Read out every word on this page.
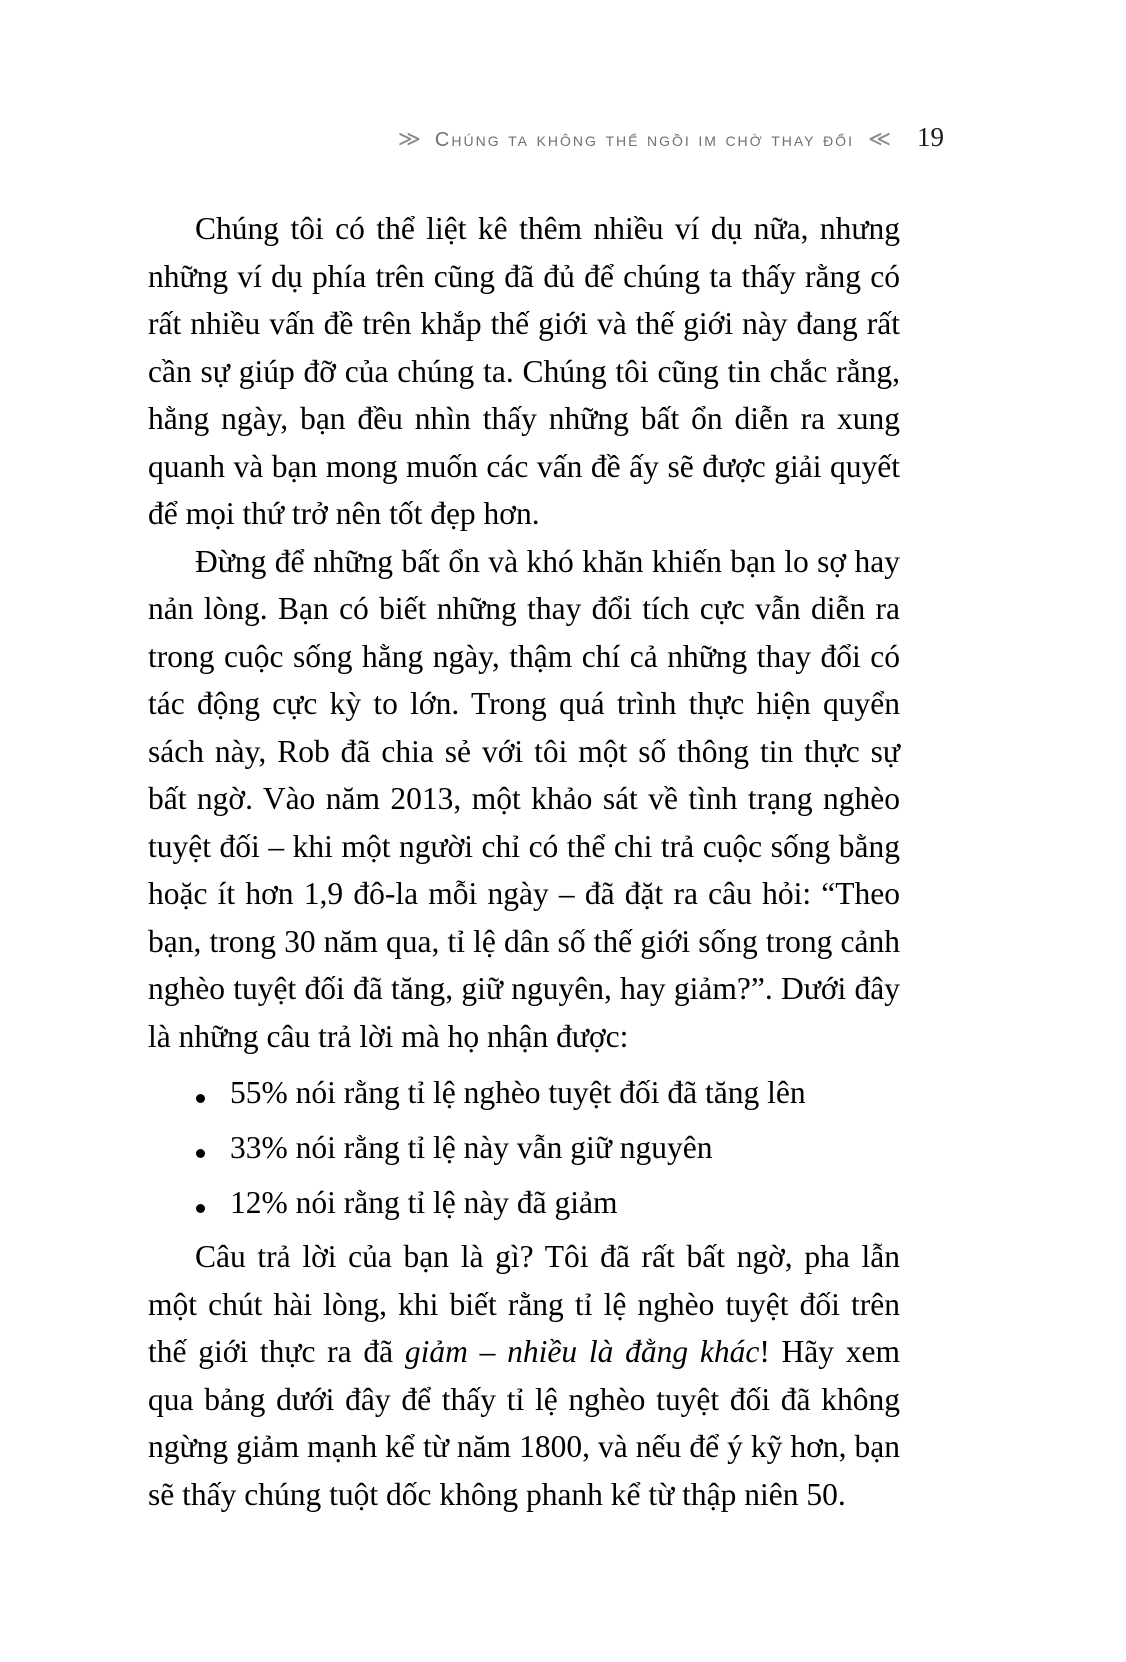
≫ chúng ta không thể ngồi im chờ thay đổi ≪ 19

Chúng tôi có thể liệt kê thêm nhiều ví dụ nữa, nhưng những ví dụ phía trên cũng đã đủ để chúng ta thấy rằng có rất nhiều vấn đề trên khắp thế giới và thế giới này đang rất cần sự giúp đỡ của chúng ta. Chúng tôi cũng tin chắc rằng, hằng ngày, bạn đều nhìn thấy những bất ổn diễn ra xung quanh và bạn mong muốn các vấn đề ấy sẽ được giải quyết để mọi thứ trở nên tốt đẹp hơn.

Đừng để những bất ổn và khó khăn khiến bạn lo sợ hay nản lòng. Bạn có biết những thay đổi tích cực vẫn diễn ra trong cuộc sống hằng ngày, thậm chí cả những thay đổi có tác động cực kỳ to lớn. Trong quá trình thực hiện quyển sách này, Rob đã chia sẻ với tôi một số thông tin thực sự bất ngờ. Vào năm 2013, một khảo sát về tình trạng nghèo tuyệt đối – khi một người chỉ có thể chi trả cuộc sống bằng hoặc ít hơn 1,9 đô-la mỗi ngày – đã đặt ra câu hỏi: “Theo bạn, trong 30 năm qua, tỉ lệ dân số thế giới sống trong cảnh nghèo tuyệt đối đã tăng, giữ nguyên, hay giảm?”. Dưới đây là những câu trả lời mà họ nhận được:

55% nói rằng tỉ lệ nghèo tuyệt đối đã tăng lên
33% nói rằng tỉ lệ này vẫn giữ nguyên
12% nói rằng tỉ lệ này đã giảm

Câu trả lời của bạn là gì? Tôi đã rất bất ngờ, pha lẫn một chút hài lòng, khi biết rằng tỉ lệ nghèo tuyệt đối trên thế giới thực ra đã giảm – nhiều là đằng khác! Hãy xem qua bảng dưới đây để thấy tỉ lệ nghèo tuyệt đối đã không ngừng giảm mạnh kể từ năm 1800, và nếu để ý kỹ hơn, bạn sẽ thấy chúng tuột dốc không phanh kể từ thập niên 50.
